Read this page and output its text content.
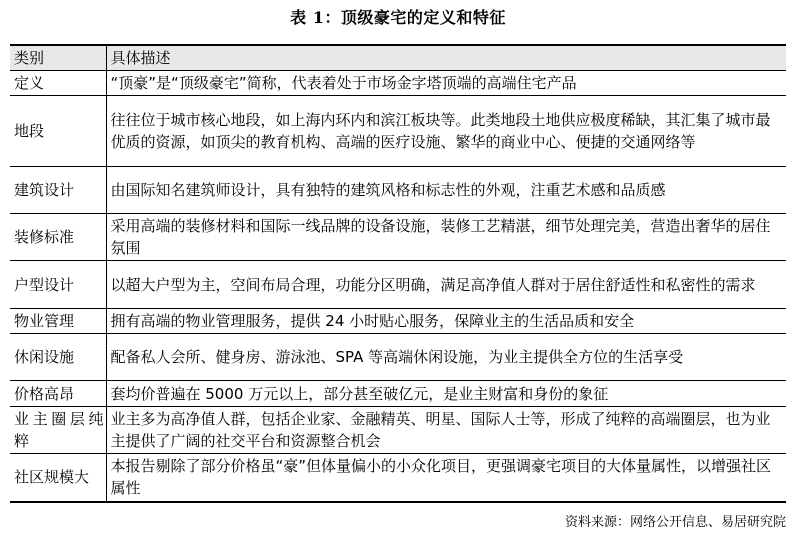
表 1：顶级豪宅的定义和特征
类别	具体描述
定义	“顶豪”是“顶级豪宅”简称，代表着处于市场金字塔顶端的高端住宅产品
地段	往往位于城市核心地段，如上海内环内和滨江板块等。此类地段土地供应极度稀缺，其汇集了城市最优质的资源，如顶尖的教育机构、高端的医疗设施、繁华的商业中心、便捷的交通网络等
建筑设计	由国际知名建筑师设计，具有独特的建筑风格和标志性的外观，注重艺术感和品质感
装修标准	采用高端的装修材料和国际一线品牌的设备设施，装修工艺精湛，细节处理完美，营造出奢华的居住氛围
户型设计	以超大户型为主，空间布局合理，功能分区明确，满足高净值人群对于居住舒适性和私密性的需求
物业管理	拥有高端的物业管理服务，提供 24 小时贴心服务，保障业主的生活品质和安全
休闲设施	配备私人会所、健身房、游泳池、SPA 等高端休闲设施，为业主提供全方位的生活享受
价格高昂	套均价普遍在 5000 万元以上，部分甚至破亿元，是业主财富和身份的象征
业主圈层纯粹	业主多为高净值人群，包括企业家、金融精英、明星、国际人士等，形成了纯粹的高端圈层，也为业主提供了广阔的社交平台和资源整合机会
社区规模大	本报告剔除了部分价格虽“豪”但体量偏小的小众化项目，更强调豪宅项目的大体量属性，以增强社区属性
资料来源：网络公开信息、易居研究院
